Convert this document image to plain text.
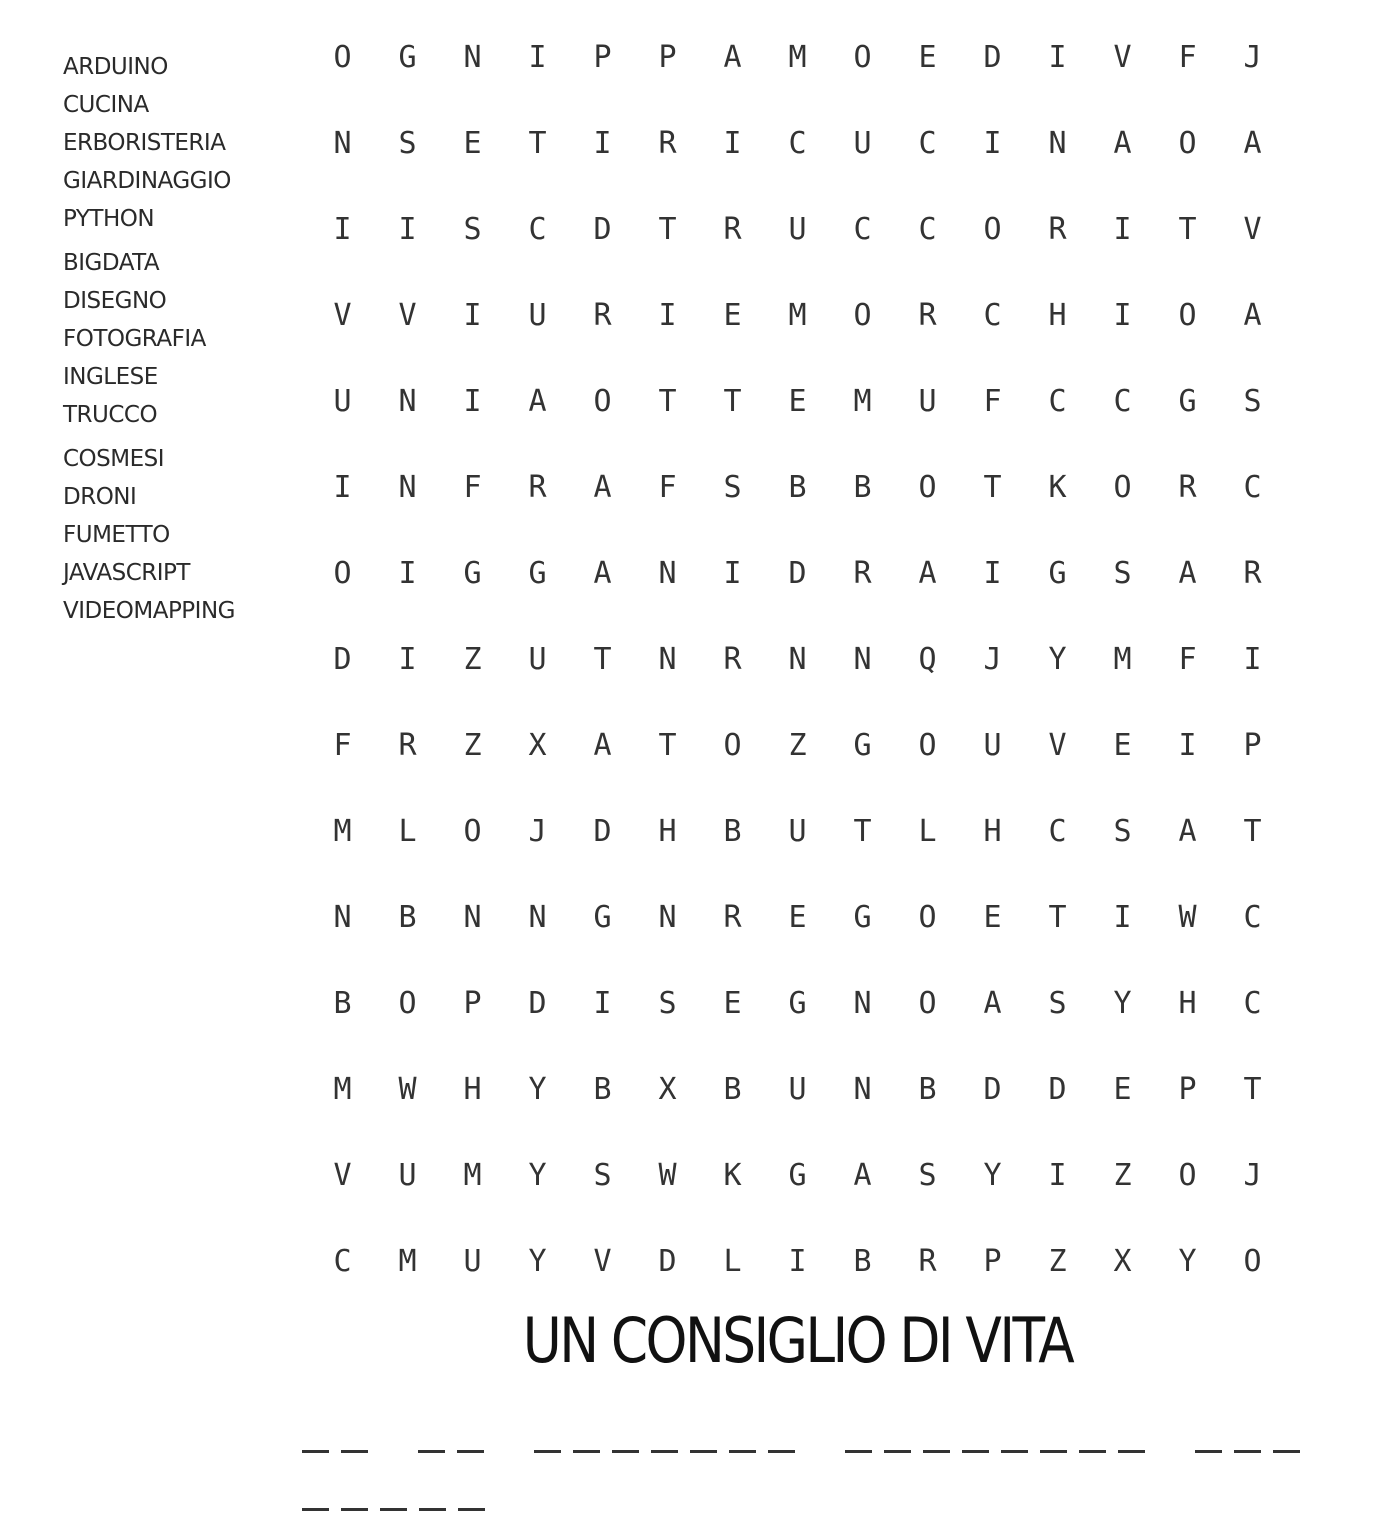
ARDUINO
CUCINA
ERBORISTERIA
GIARDINAGGIO
PYTHON
BIGDATA
DISEGNO
FOTOGRAFIA
INGLESE
TRUCCO
COSMESI
DRONI
FUMETTO
JAVASCRIPT
VIDEOMAPPING
O	G	N	I	P	P	A	M	O	E	D	I	V	F	J
N	S	E	T	I	R	I	C	U	C	I	N	A	O	A
I	I	S	C	D	T	R	U	C	C	O	R	I	T	V
V	V	I	U	R	I	E	M	O	R	C	H	I	O	A
U	N	I	A	O	T	T	E	M	U	F	C	C	G	S
I	N	F	R	A	F	S	B	B	O	T	K	O	R	C
O	I	G	G	A	N	I	D	R	A	I	G	S	A	R
D	I	Z	U	T	N	R	N	N	Q	J	Y	M	F	I
F	R	Z	X	A	T	O	Z	G	O	U	V	E	I	P
M	L	O	J	D	H	B	U	T	L	H	C	S	A	T
N	B	N	N	G	N	R	E	G	O	E	T	I	W	C
B	O	P	D	I	S	E	G	N	O	A	S	Y	H	C
M	W	H	Y	B	X	B	U	N	B	D	D	E	P	T
V	U	M	Y	S	W	K	G	A	S	Y	I	Z	O	J
C	M	U	Y	V	D	L	I	B	R	P	Z	X	Y	O
UN CONSIGLIO DI VITA
